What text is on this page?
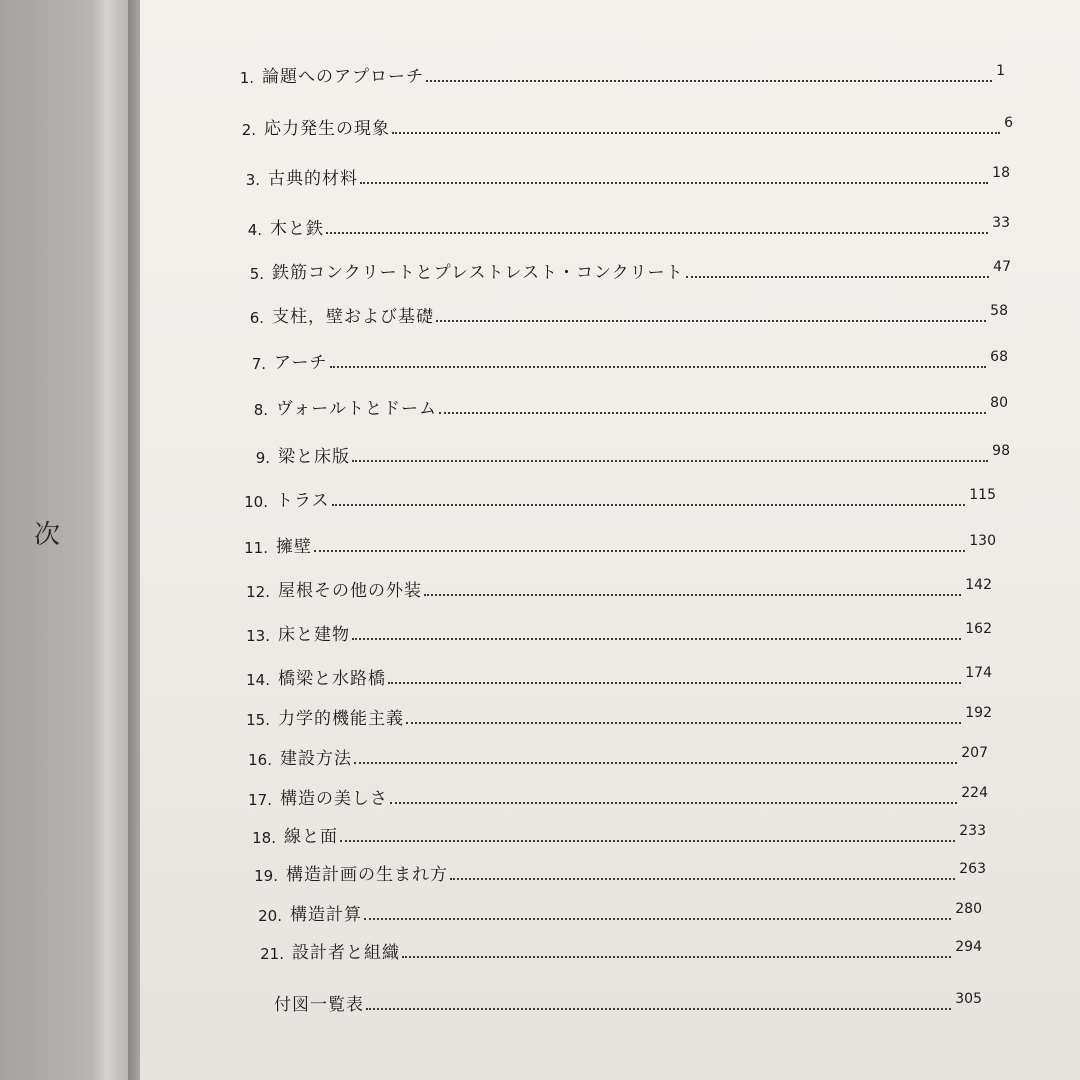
次
1. 論題へのアプローチ	1
2. 応力発生の現象	6
3. 古典的材料	18
4. 木と鉄	33
5. 鉄筋コンクリートとプレストレスト・コンクリート	47
6. 支柱，壁および基礎	58
7. アーチ	68
8. ヴォールトとドーム	80
9. 梁と床版	98
10. トラス	115
11. 擁壁	130
12. 屋根その他の外装	142
13. 床と建物	162
14. 橋梁と水路橋	174
15. 力学的機能主義	192
16. 建設方法	207
17. 構造の美しさ	224
18. 線と面	233
19. 構造計画の生まれ方	263
20. 構造計算	280
21. 設計者と組織	294
付図一覧表	305
